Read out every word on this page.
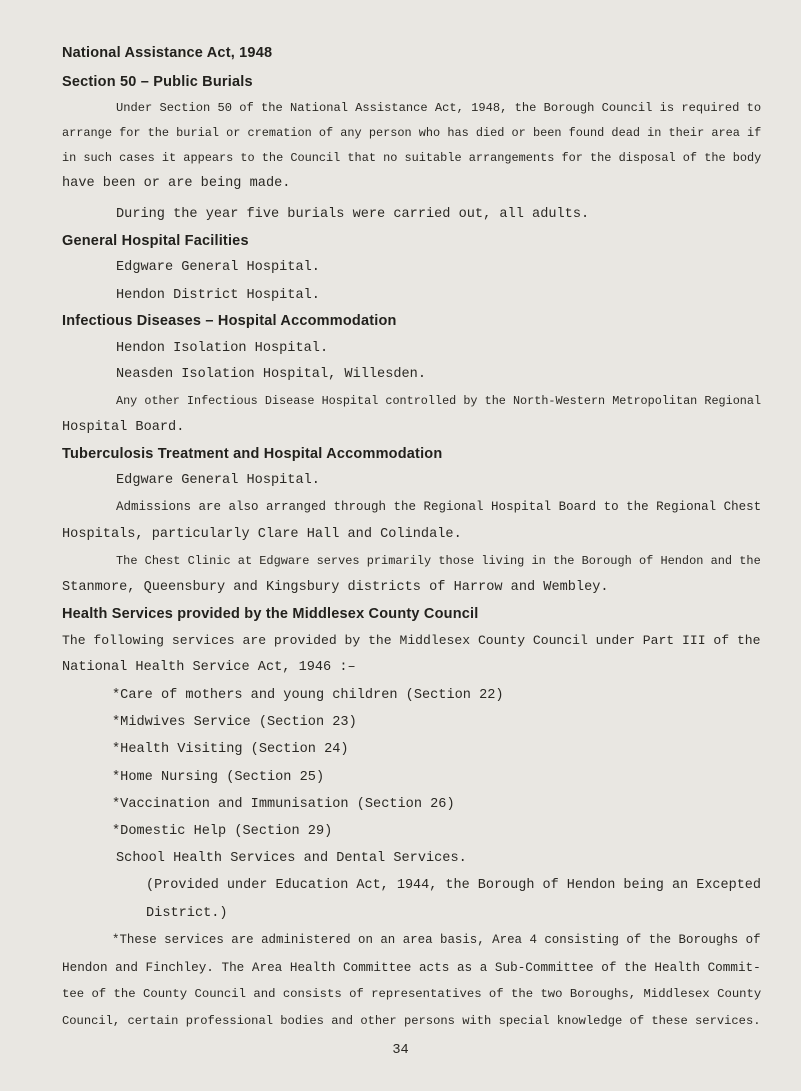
National Assistance Act, 1948
Section 50 – Public Burials
Under Section 50 of the National Assistance Act, 1948, the Borough Council is required to
arrange for the burial or cremation of any person who has died or been found dead in their area if
in such cases it appears to the Council that no suitable arrangements for the disposal of the body
have been or are being made.
During the year five burials were carried out, all adults.
General Hospital Facilities
Edgware General Hospital.
Hendon District Hospital.
Infectious Diseases – Hospital Accommodation
Hendon Isolation Hospital.
Neasden Isolation Hospital, Willesden.
Any other Infectious Disease Hospital controlled by the North-Western Metropolitan Regional
Hospital Board.
Tuberculosis Treatment and Hospital Accommodation
Edgware General Hospital.
Admissions are also arranged through the Regional Hospital Board to the Regional Chest
Hospitals, particularly Clare Hall and Colindale.
The Chest Clinic at Edgware serves primarily those living in the Borough of Hendon and the
Stanmore, Queensbury and Kingsbury districts of Harrow and Wembley.
Health Services provided by the Middlesex County Council
The following services are provided by the Middlesex County Council under Part III of the
National Health Service Act, 1946 :–
*Care of mothers and young children (Section 22)
*Midwives Service (Section 23)
*Health Visiting (Section 24)
*Home Nursing (Section 25)
*Vaccination and Immunisation (Section 26)
*Domestic Help (Section 29)
School Health Services and Dental Services.
(Provided under Education Act, 1944, the Borough of Hendon being an Excepted
District.)
*These services are administered on an area basis, Area 4 consisting of the Boroughs of
Hendon and Finchley. The Area Health Committee acts as a Sub-Committee of the Health Commit-
tee of the County Council and consists of representatives of the two Boroughs, Middlesex County
Council, certain professional bodies and other persons with special knowledge of these services.
34
